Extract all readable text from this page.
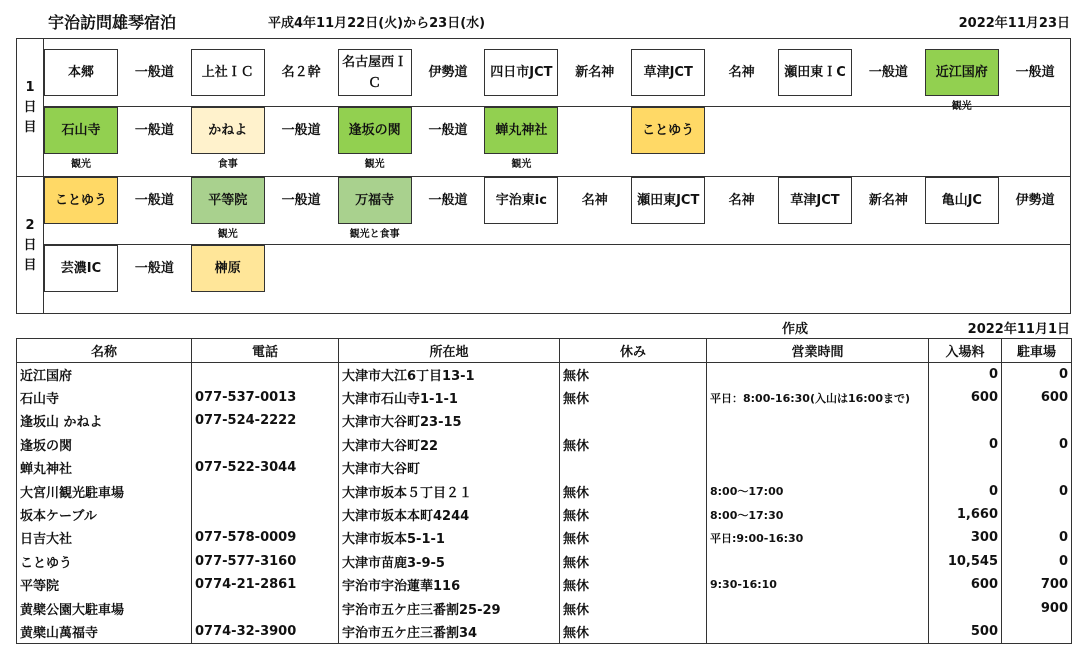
宇治訪問雄琴宿泊	平成4年11月22日(火)から23日(水)	2022年11月23日
1
日
目
2
日
目
本郷	一般道	上社ＩＣ	名２幹
名古屋西ＩＣ
伊勢道	四日市JCT	新名神	草津JCT	名神	瀬田東ＩC	一般道	近江国府
観光
一般道
石山寺
観光
一般道	かねよ
食事
一般道	逢坂の関
観光
一般道	蝉丸神社
観光
ことゆう
ことゆう	一般道	平等院
観光
一般道	万福寺
観光と食事
一般道	宇治東ic	名神	瀬田東JCT	名神	草津JCT	新名神	亀山JC	伊勢道
芸濃IC	一般道	榊原
作成	2022年11月1日
名称	電話	所在地	休み	営業時間	入場料	駐車場
近江国府		大津市大江6丁目13-1	無休		0	0
石山寺	077-537-0013	大津市石山寺1-1-1	無休	平日：8:00-16:30(入山は16:00まで)	600	600
逢坂山 かねよ	077-524-2222	大津市大谷町23-15				
逢坂の関		大津市大谷町22	無休		0	0
蝉丸神社	077-522-3044	大津市大谷町				
大宮川観光駐車場		大津市坂本５丁目２１	無休	8:00～17:00	0	0
坂本ケーブル		大津市坂本本町4244	無休	8:00～17:30	1,660	
日吉大社	077-578-0009	大津市坂本5-1-1	無休	平日:9:00-16:30	300	0
ことゆう	077-577-3160	大津市苗鹿3-9-5	無休		10,545	0
平等院	0774-21-2861	宇治市宇治蓮華116	無休	9:30-16:10	600	700
黄檗公園大駐車場		宇治市五ケ庄三番割25-29	無休			900
黄檗山萬福寺	0774-32-3900	宇治市五ケ庄三番割34	無休		500	
